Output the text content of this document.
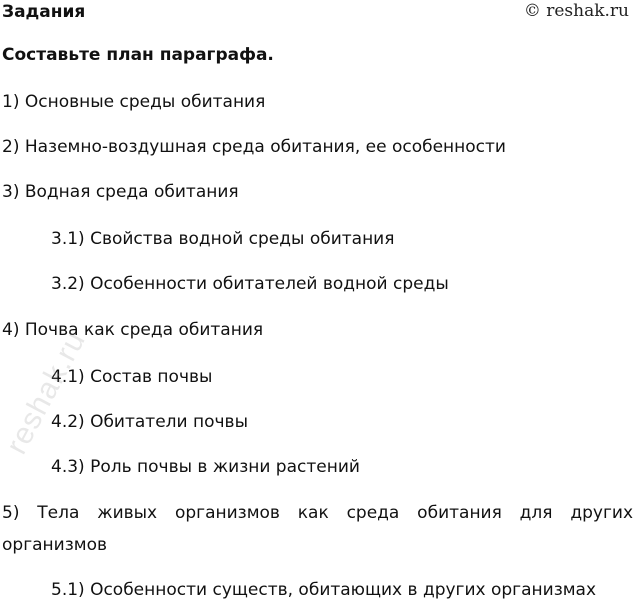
Задания	© reshak.ru
Составьте план параграфа.
1) Основные среды обитания
2) Наземно-воздушная среда обитания, ее особенности
3) Водная среда обитания
3.1) Свойства водной среды обитания
3.2) Особенности обитателей водной среды
4) Почва как среда обитания
4.1) Состав почвы
4.2) Обитатели почвы
4.3) Роль почвы в жизни растений
5) Тела живых организмов как среда обитания для других организмов
5.1) Особенности существ, обитающих в других организмах
reshak.ru
